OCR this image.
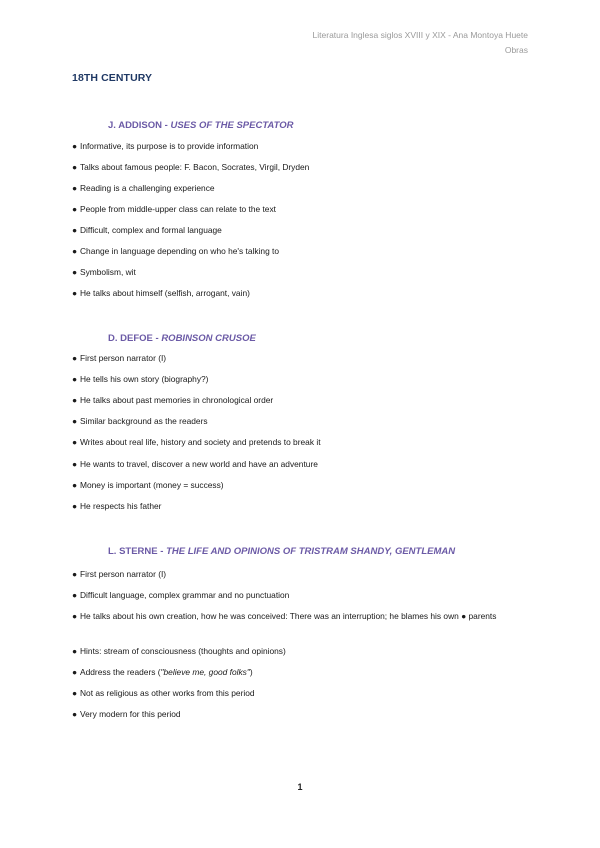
Literatura Inglesa siglos XVIII y XIX - Ana Montoya Huete
Obras
18TH CENTURY
J. ADDISON - USES OF THE SPECTATOR
● Informative, its purpose is to provide information
● Talks about famous people: F. Bacon, Socrates, Virgil, Dryden
● Reading is a challenging experience
● People from middle-upper class can relate to the text
● Difficult, complex and formal language
● Change in language depending on who he's talking to
● Symbolism, wit
● He talks about himself (selfish, arrogant, vain)
D. DEFOE - ROBINSON CRUSOE
● First person narrator (I)
● He tells his own story (biography?)
● He talks about past memories in chronological order
● Similar background as the readers
● Writes about real life, history and society and pretends to break it
● He wants to travel, discover a new world and have an adventure
● Money is important (money = success)
● He respects his father
L. STERNE - THE LIFE AND OPINIONS OF TRISTRAM SHANDY, GENTLEMAN
● First person narrator (I)
● Difficult language, complex grammar and no punctuation
● He talks about his own creation, how he was conceived: There was an interruption; he blames his own ● parents
● Hints: stream of consciousness (thoughts and opinions)
● Address the readers ("believe me, good folks")
● Not as religious as other works from this period
● Very modern for this period
1
